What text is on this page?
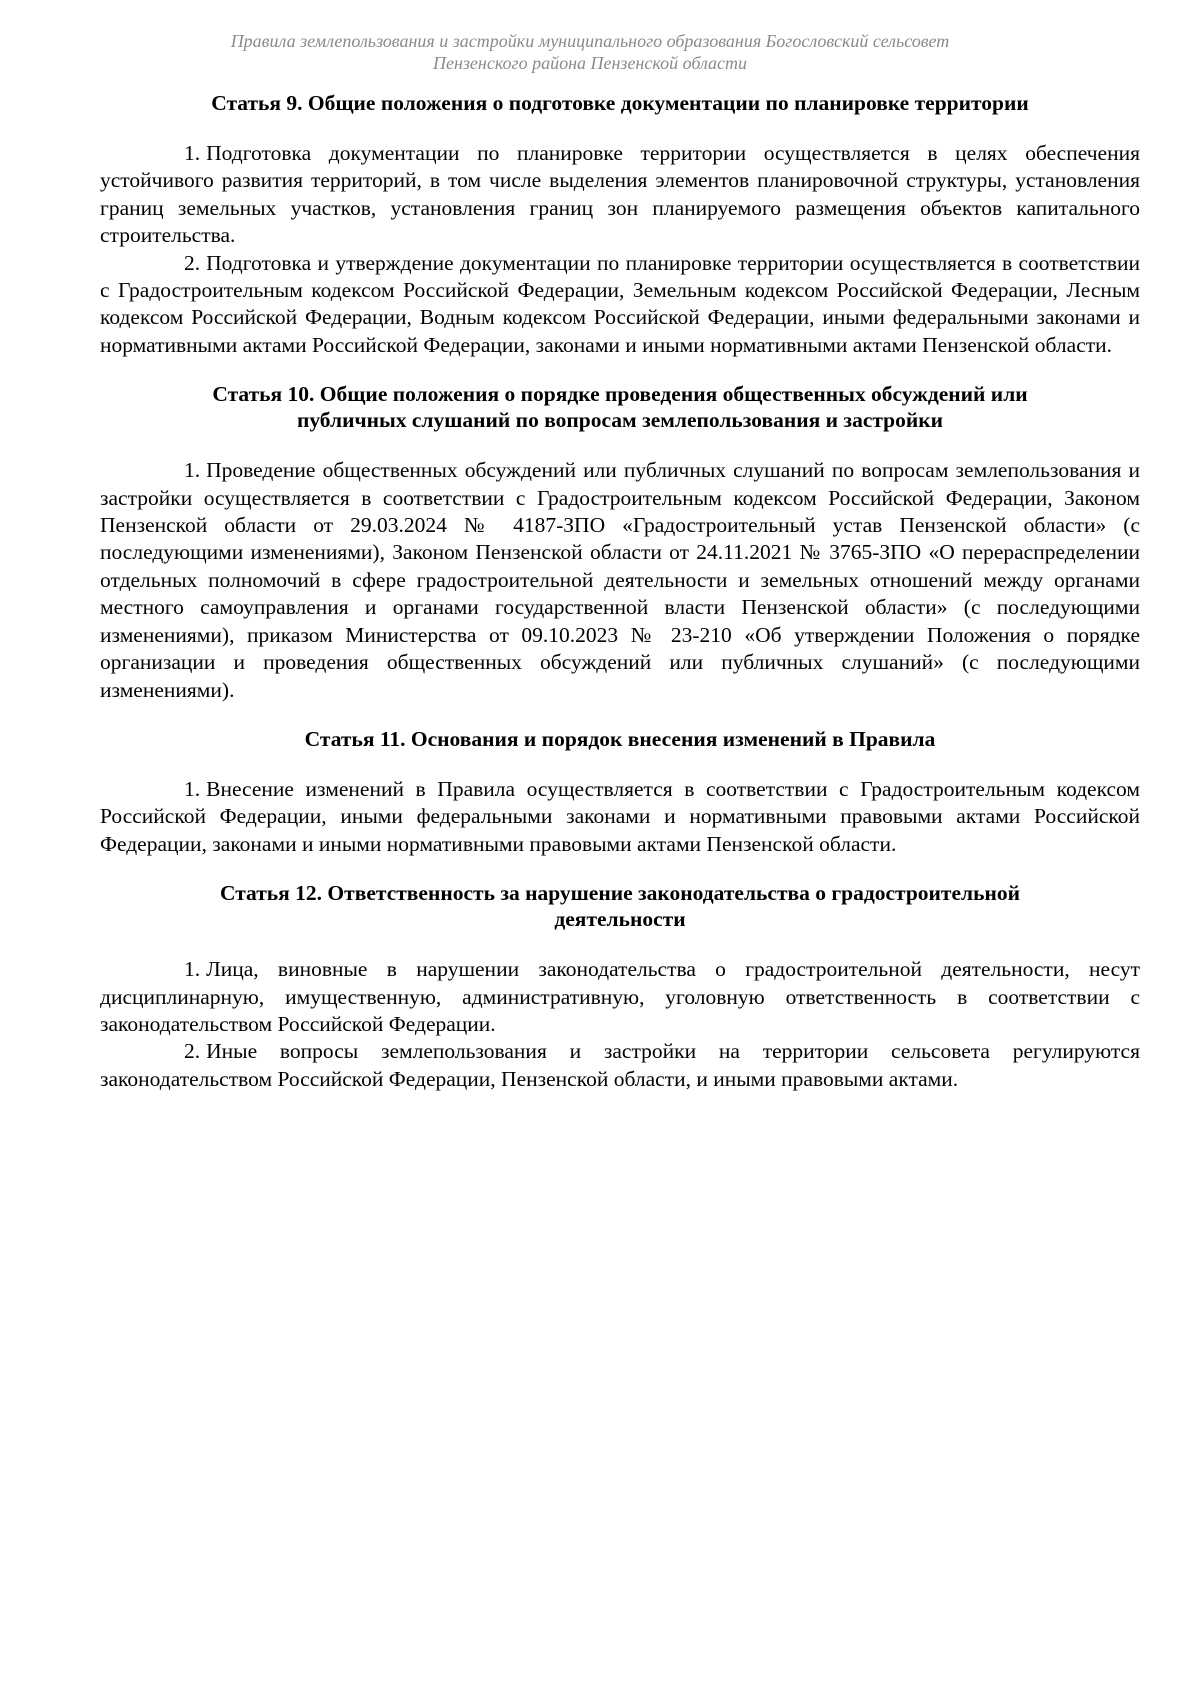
Правила землепользования и застройки муниципального образования Богословский сельсовет
Пензенского района Пензенской области
Статья 9. Общие положения о подготовке документации по планировке территории

1. Подготовка документации по планировке территории осуществляется в целях обеспечения устойчивого развития территорий, в том числе выделения элементов планировочной структуры, установления границ земельных участков, установления границ зон планируемого размещения объектов капитального строительства.

2. Подготовка и утверждение документации по планировке территории осуществляется в соответствии с Градостроительным кодексом Российской Федерации, Земельным кодексом Российской Федерации, Лесным кодексом Российской Федерации, Водным кодексом Российской Федерации, иными федеральными законами и нормативными актами Российской Федерации, законами и иными нормативными актами Пензенской области.

Статья 10. Общие положения о порядке проведения общественных обсуждений или публичных слушаний по вопросам землепользования и застройки

1. Проведение общественных обсуждений или публичных слушаний по вопросам землепользования и застройки осуществляется в соответствии с Градостроительным кодексом Российской Федерации, Законом Пензенской области от 29.03.2024 № 4187-ЗПО «Градостроительный устав Пензенской области» (с последующими изменениями), Законом Пензенской области от 24.11.2021 № 3765-ЗПО «О перераспределении отдельных полномочий в сфере градостроительной деятельности и земельных отношений между органами местного самоуправления и органами государственной власти Пензенской области» (с последующими изменениями), приказом Министерства от 09.10.2023 № 23-210 «Об утверждении Положения о порядке организации и проведения общественных обсуждений или публичных слушаний» (с последующими изменениями).

Статья 11. Основания и порядок внесения изменений в Правила

1. Внесение изменений в Правила осуществляется в соответствии с Градостроительным кодексом Российской Федерации, иными федеральными законами и нормативными правовыми актами Российской Федерации, законами и иными нормативными правовыми актами Пензенской области.

Статья 12. Ответственность за нарушение законодательства о градостроительной деятельности

1. Лица, виновные в нарушении законодательства о градостроительной деятельности, несут дисциплинарную, имущественную, административную, уголовную ответственность в соответствии с законодательством Российской Федерации.

2. Иные вопросы землепользования и застройки на территории сельсовета регулируются законодательством Российской Федерации, Пензенской области, и иными правовыми актами.
